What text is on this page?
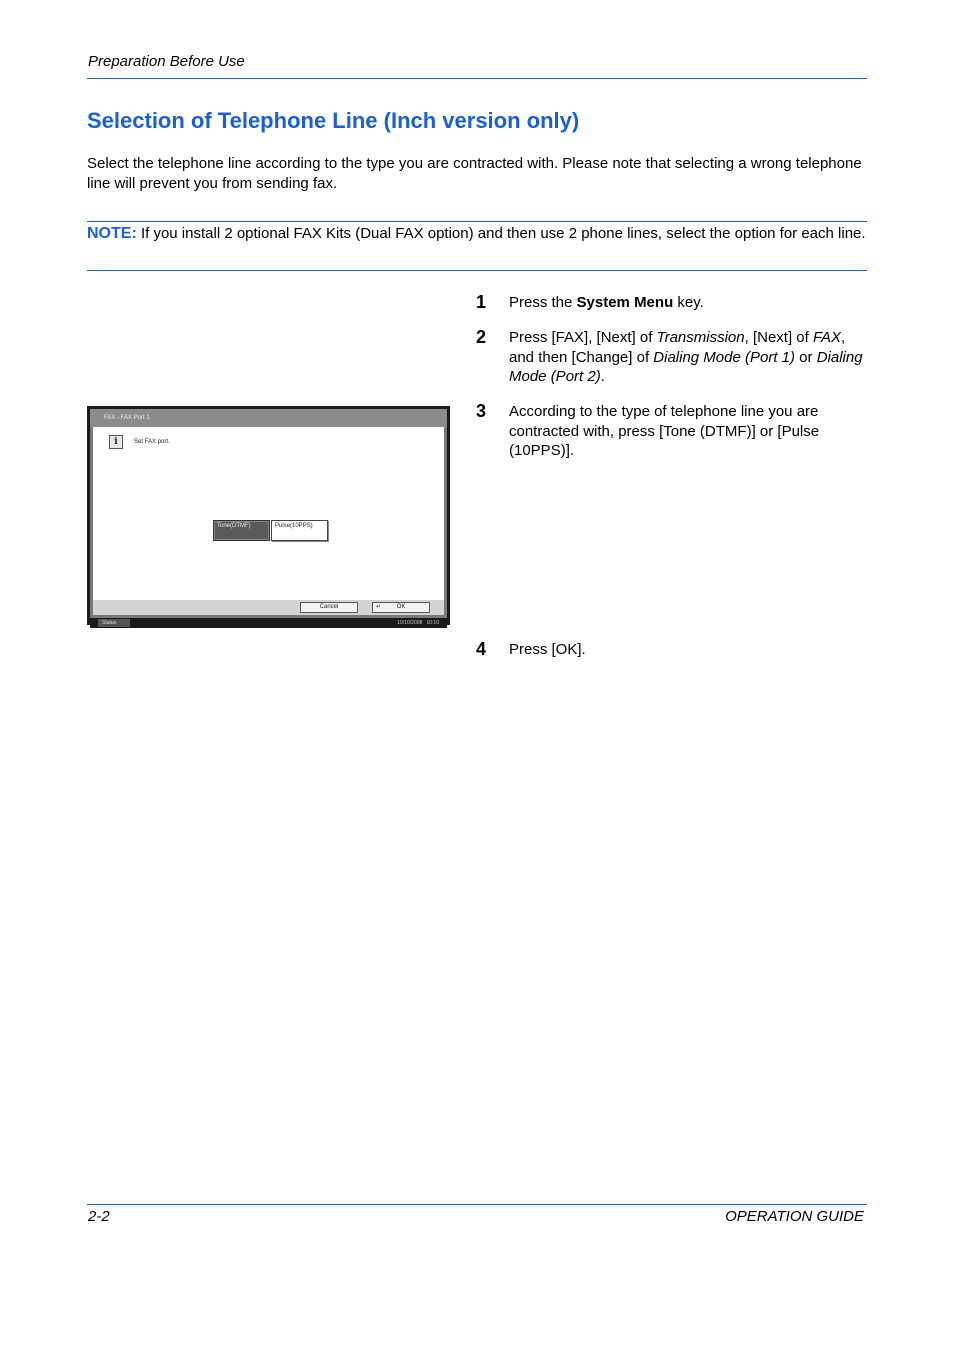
Preparation Before Use
Selection of Telephone Line (Inch version only)
Select the telephone line according to the type you are contracted with. Please note that selecting a wrong telephone line will prevent you from sending fax.
NOTE: If you install 2 optional FAX Kits (Dual FAX option) and then use 2 phone lines, select the option for each line.
1 Press the System Menu key.
2 Press [FAX], [Next] of Transmission, [Next] of FAX, and then [Change] of Dialing Mode (Port 1) or Dialing Mode (Port 2).
3 According to the type of telephone line you are contracted with, press [Tone (DTMF)] or [Pulse (10PPS)].
4 Press [OK].
FAX - FAX Port 1
i	Set FAX port.
Tone(DTMF)	Pulse(10PPS)
Cancel	↵	OK
Status	10/10/2008 10:10
2-2	OPERATION GUIDE
